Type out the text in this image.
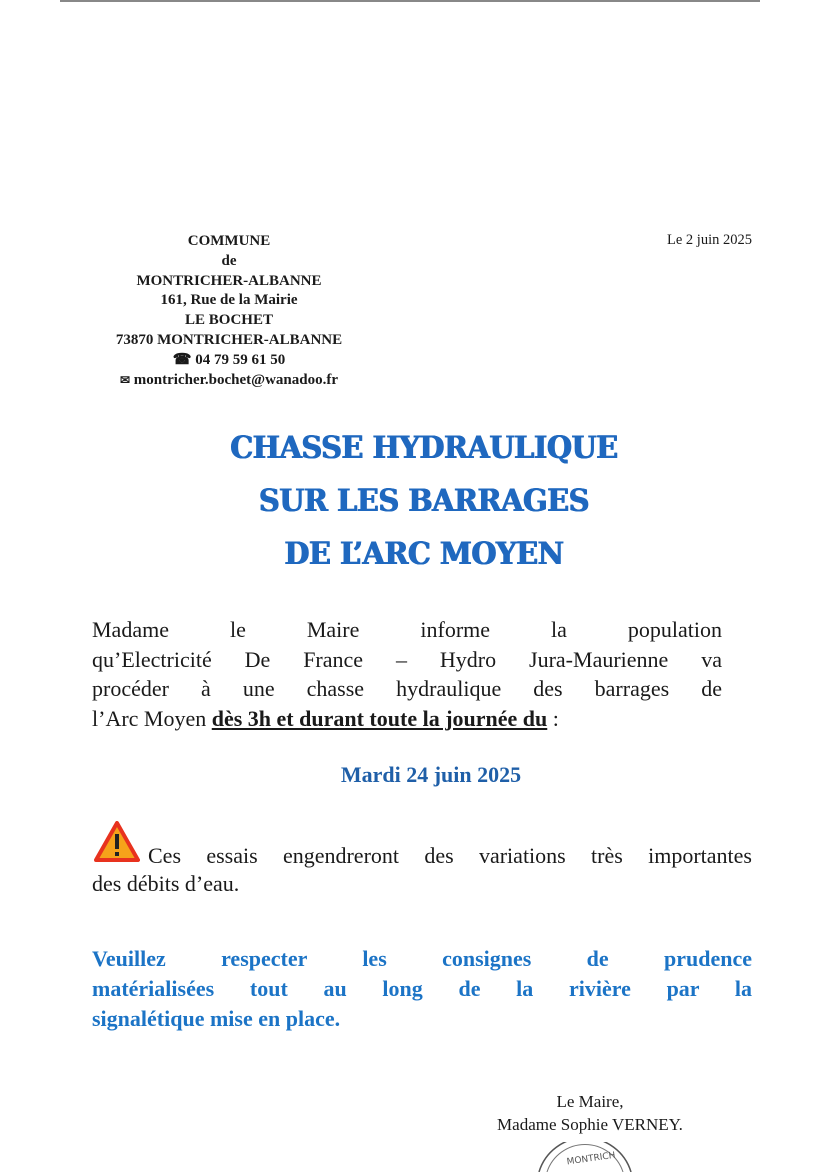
COMMUNE
de
MONTRICHER-ALBANNE
161, Rue de la Mairie
LE BOCHET
73870 MONTRICHER-ALBANNE
☎ 04 79 59 61 50
✉ montricher.bochet@wanadoo.fr
Le 2 juin 2025
CHASSE HYDRAULIQUE
SUR LES BARRAGES
DE L’ARC MOYEN
Madame le Maire informe la population
qu’Electricité De France – Hydro Jura-Maurienne va
procéder à une chasse hydraulique des barrages de
l’Arc Moyen dès 3h et durant toute la journée du :
Mardi 24 juin 2025
Ces essais engendreront des variations très importantes
des débits d’eau.
Veuillez respecter les consignes de prudence
matérialisées tout au long de la rivière par la
signalétique mise en place.
Le Maire,
Madame Sophie VERNEY.
MONTRICH
